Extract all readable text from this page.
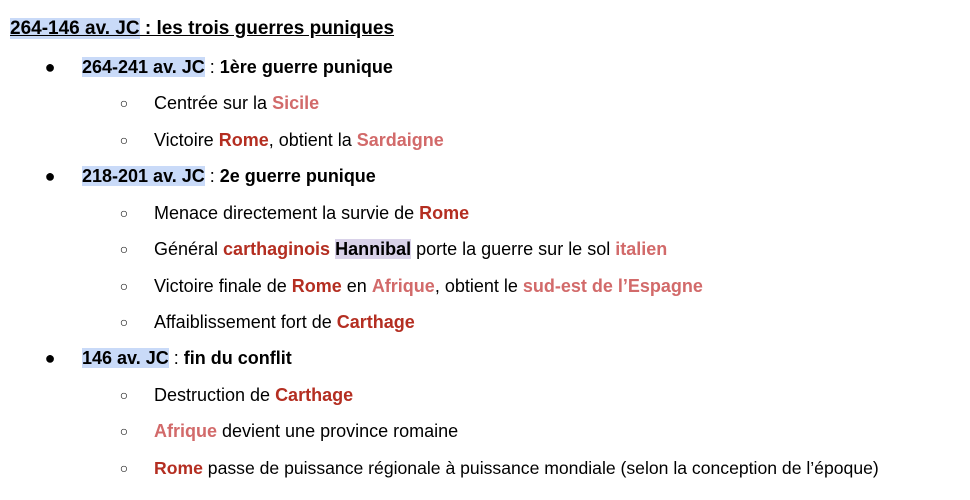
264-146 av. JC : les trois guerres puniques
●	264-241 av. JC : 1ère guerre punique
○	Centrée sur la Sicile
○	Victoire Rome, obtient la Sardaigne
●	218-201 av. JC : 2e guerre punique
○	Menace directement la survie de Rome
○	Général carthaginois Hannibal porte la guerre sur le sol italien
○	Victoire finale de Rome en Afrique, obtient le sud-est de l’Espagne
○	Affaiblissement fort de Carthage
●	146 av. JC : fin du conflit
○	Destruction de Carthage
○	Afrique devient une province romaine
○	Rome passe de puissance régionale à puissance mondiale (selon la conception de l’époque)
